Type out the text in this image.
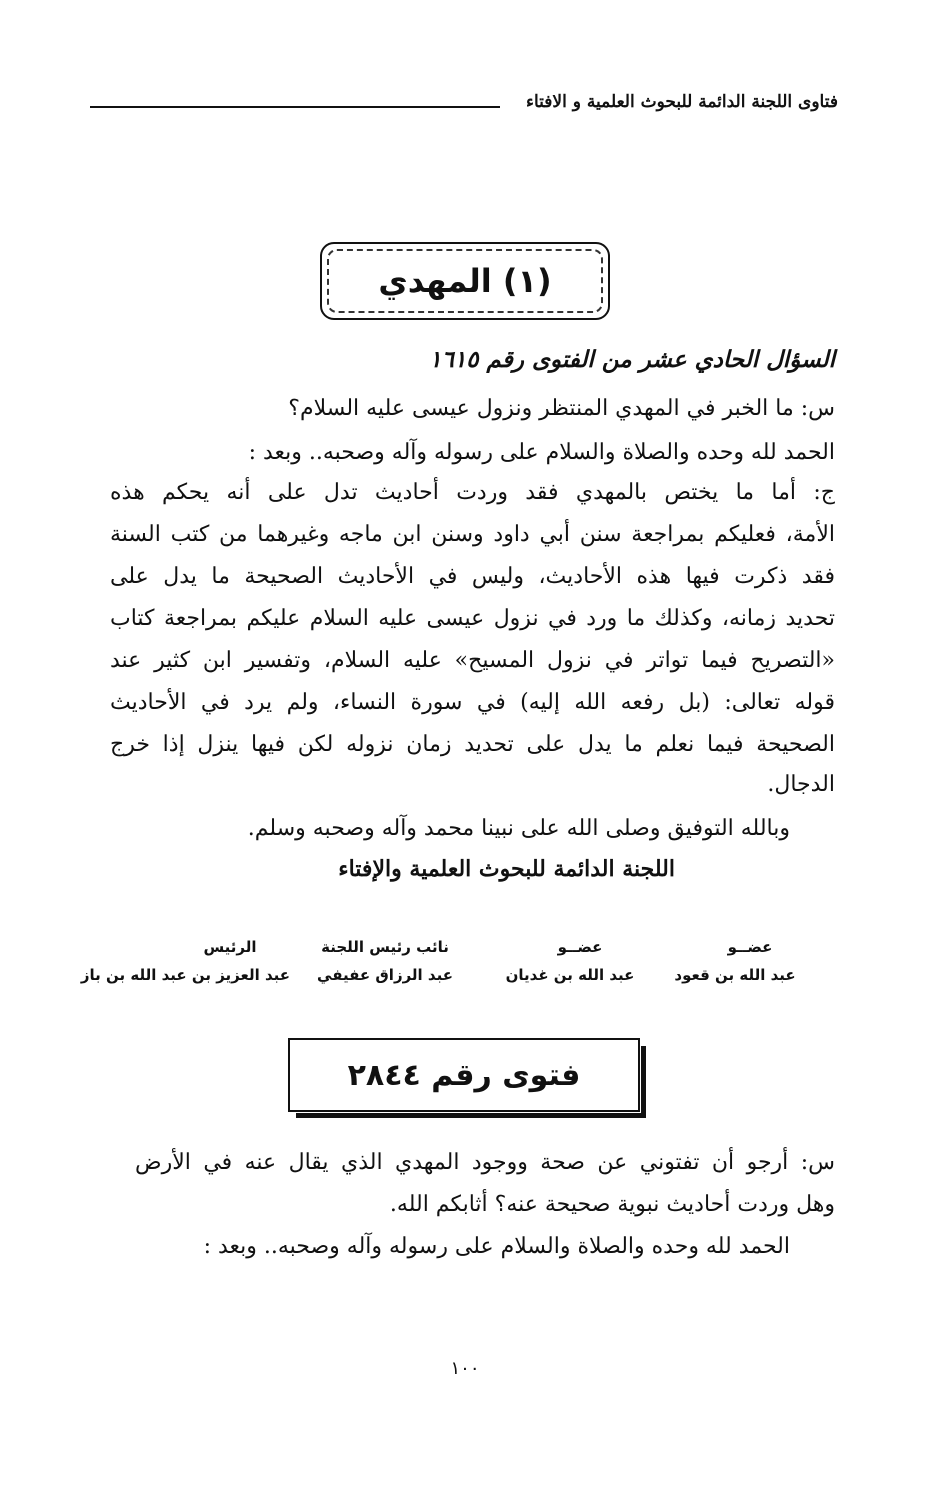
فتاوى اللجنة الدائمة للبحوث العلمية و الافتاء
(١) المهدي
السؤال الحادي عشر من الفتوى رقم ١٦١٥
س: ما الخبر في المهدي المنتظر ونزول عيسى عليه السلام؟
الحمد لله وحده والصلاة والسلام على رسوله وآله وصحبه.. وبعد :
ج: أما ما يختص بالمهدي فقد وردت أحاديث تدل على أنه يحكم هذه
الأمة، فعليكم بمراجعة سنن أبي داود وسنن ابن ماجه وغيرهما من كتب السنة
فقد ذكرت فيها هذه الأحاديث، وليس في الأحاديث الصحيحة ما يدل على
تحديد زمانه، وكذلك ما ورد في نزول عيسى عليه السلام عليكم بمراجعة كتاب
«التصريح فيما تواتر في نزول المسيح» عليه السلام، وتفسير ابن كثير عند
قوله تعالى: (بل رفعه الله إليه) في سورة النساء، ولم يرد في الأحاديث
الصحيحة فيما نعلم ما يدل على تحديد زمان نزوله لكن فيها ينزل إذا خرج
الدجال.
وبالله التوفيق وصلى الله على نبينا محمد وآله وصحبه وسلم.
اللجنة الدائمة للبحوث العلمية والإفتاء
الرئيس
عبد العزيز بن عبد الله بن باز
نائب رئيس اللجنة
عبد الرزاق عفيفي
عضــو
عبد الله بن غديان
عضــو
عبد الله بن قعود
فتوى رقم ٢٨٤٤
س: أرجو أن تفتوني عن صحة ووجود المهدي الذي يقال عنه في الأرض
وهل وردت أحاديث نبوية صحيحة عنه؟ أثابكم الله.
الحمد لله وحده والصلاة والسلام على رسوله وآله وصحبه.. وبعد :
١٠٠
